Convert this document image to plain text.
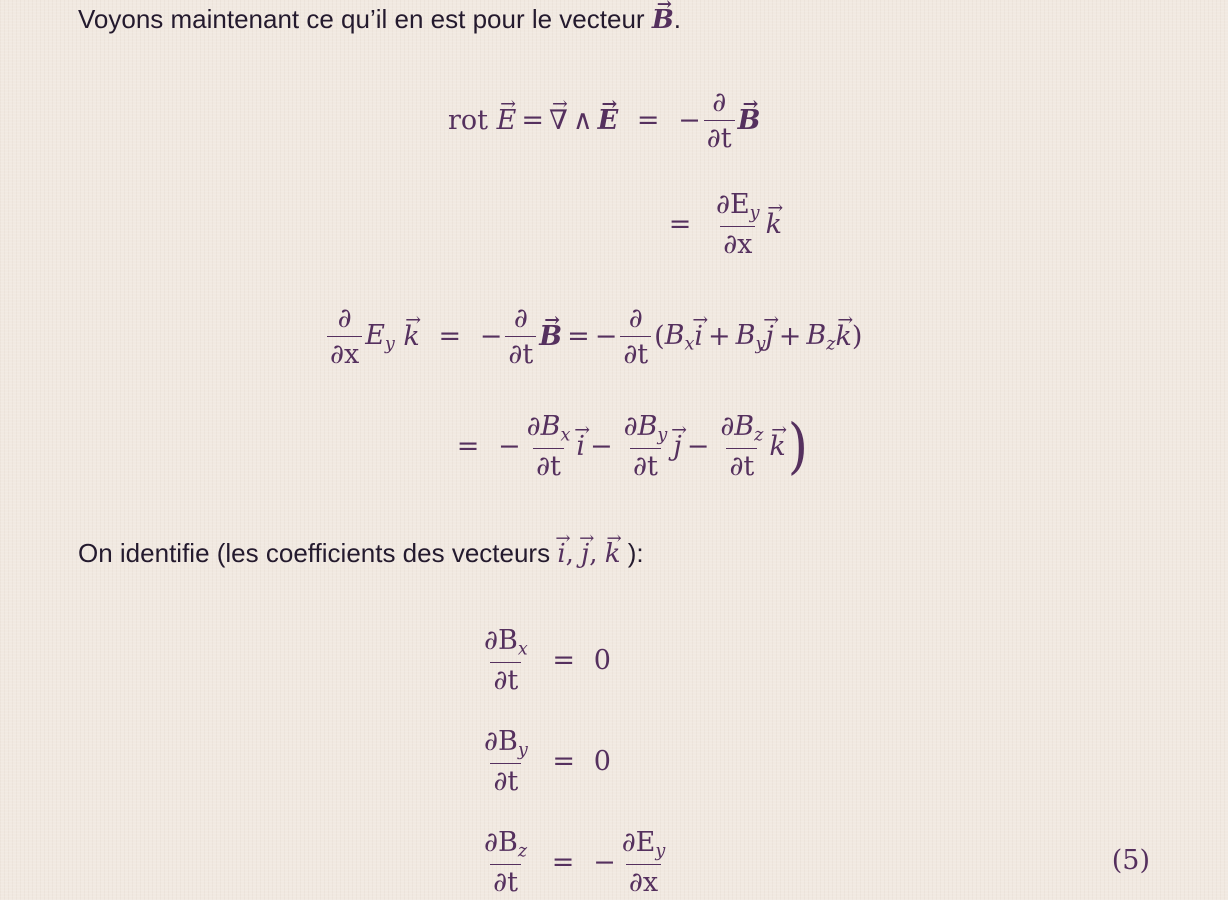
Voyons maintenant ce qu’il en est pour le vecteur B →.
rot
E → = ∇ → ∧ E → = − $\frac{\partial}{\partial t}$ B →
= $\frac{\partial E_y}{\partial x}$ k →
$\frac{\partial}{\partial x} E_y$
k → = − $\frac{\partial}{\partial t}$ B → = − $\frac{\partial}{\partial t}$ ( $B_x$ i → + $B_y$ j → + $B_z$ k → )
= − $\frac{\partial B_x}{\partial t}$ i → − $\frac{\partial B_y}{\partial t}$ j → − $\frac{\partial B_z}{\partial t}$ k → )
On identifie (les coefficients des vecteurs i →, j →, k → ):
$\frac{\partial B_x}{\partial t} = 0$
$\frac{\partial B_y}{\partial t} = 0$
$\frac{\partial B_z}{\partial t}$ = − $\frac{\partial E_y}{\partial x}$	(5)
